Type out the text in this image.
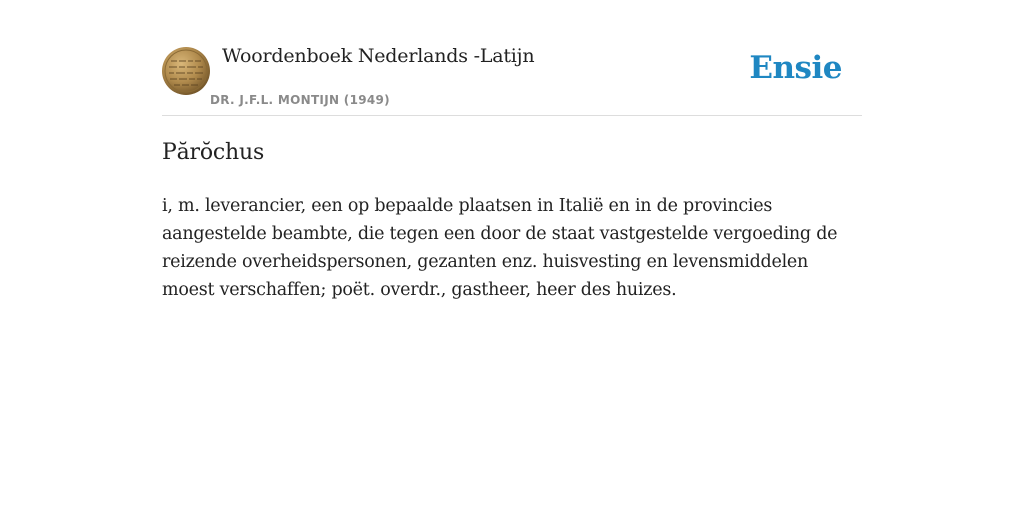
Woordenboek Nederlands -Latijn
DR. J.F.L. MONTIJN (1949)
Ensie
Părŏchus

i, m. leverancier, een op bepaalde plaatsen in Italië en in de provincies aangestelde beambte, die tegen een door de staat vastgestelde vergoeding de reizende overheidspersonen, gezanten enz. huisvesting en levensmiddelen moest verschaffen; poët. overdr., gastheer, heer des huizes.
